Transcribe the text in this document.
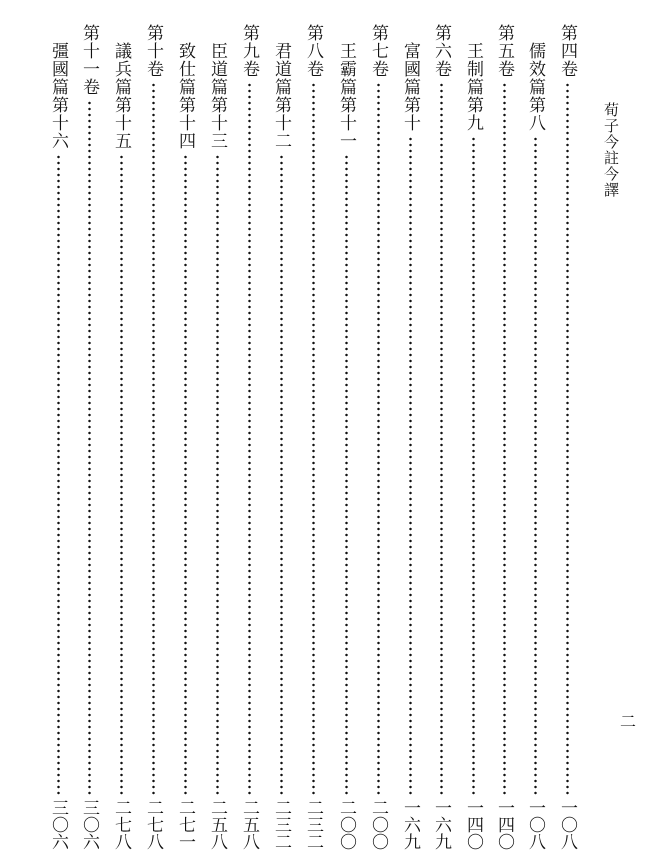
荀子今註今譯
二
第四卷
一〇八
儒效篇第八
一〇八
第五卷
一四〇
王制篇第九
一四〇
第六卷
一六九
富國篇第十
一六九
第七卷
二〇〇
王霸篇第十一
二〇〇
第八卷
二三二
君道篇第十二
二三二
第九卷
二五八
臣道篇第十三
二五八
致仕篇第十四
二七一
第十卷
二七八
議兵篇第十五
二七八
第十一卷
三〇六
彊國篇第十六
三〇六
